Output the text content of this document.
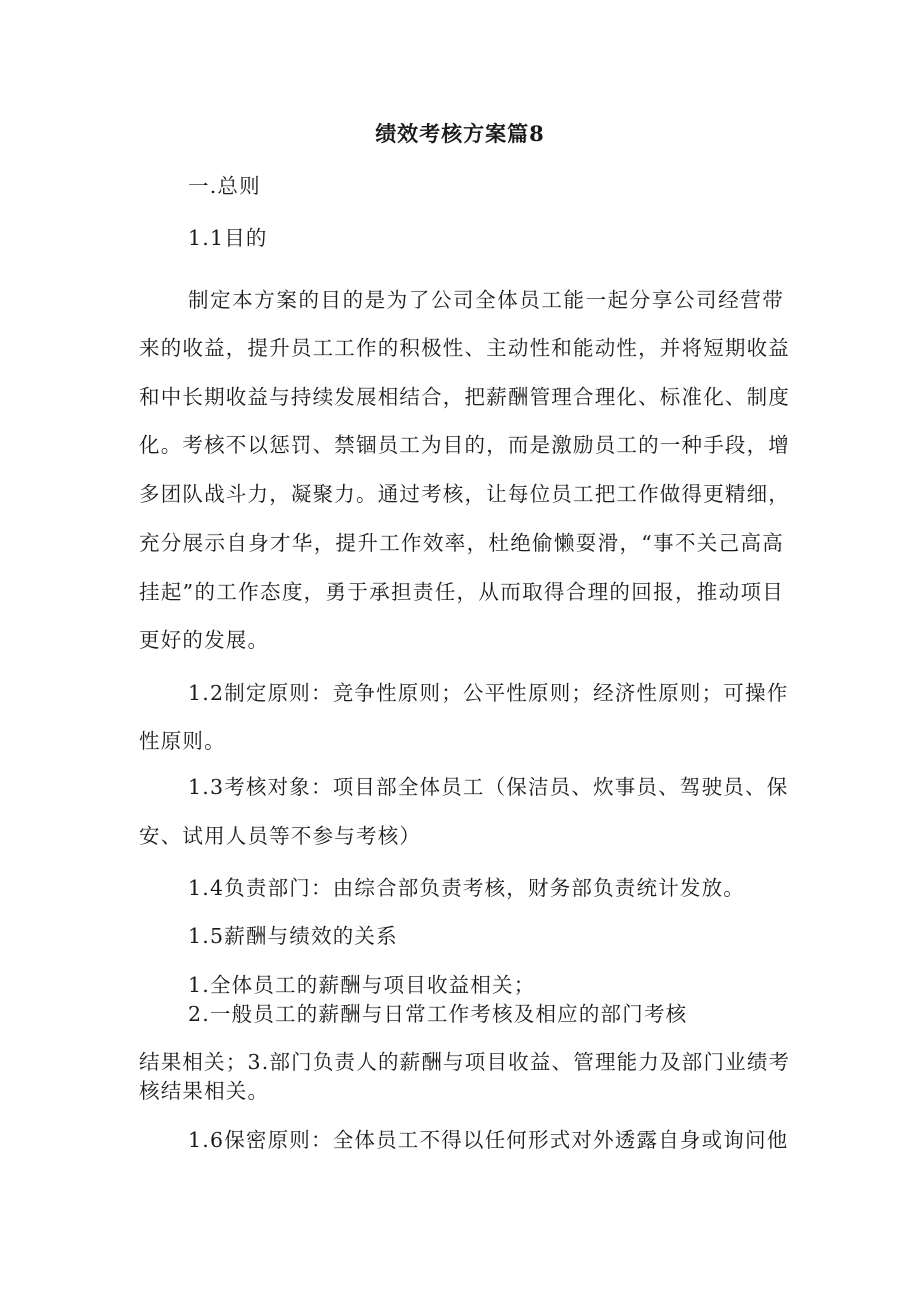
绩效考核方案篇8
一.总则
1.1目的
制定本方案的目的是为了公司全体员工能一起分享公司经营带
来的收益，提升员工工作的积极性、主动性和能动性，并将短期收益
和中长期收益与持续发展相结合，把薪酬管理合理化、标准化、制度
化。考核不以惩罚、禁锢员工为目的，而是激励员工的一种手段，增
多团队战斗力，凝聚力。通过考核，让每位员工把工作做得更精细，
充分展示自身才华，提升工作效率，杜绝偷懒耍滑，“事不关己高高
挂起”的工作态度，勇于承担责任，从而取得合理的回报，推动项目
更好的发展。
1.2制定原则：竞争性原则；公平性原则；经济性原则；可操作
性原则。
1.3考核对象：项目部全体员工（保洁员、炊事员、驾驶员、保
安、试用人员等不参与考核）
1.4负责部门：由综合部负责考核，财务部负责统计发放。
1.5薪酬与绩效的关系
1.全体员工的薪酬与项目收益相关；
2.一般员工的薪酬与日常工作考核及相应的部门考核
结果相关；3.部门负责人的薪酬与项目收益、管理能力及部门业绩考
核结果相关。
1.6保密原则：全体员工不得以任何形式对外透露自身或询问他
